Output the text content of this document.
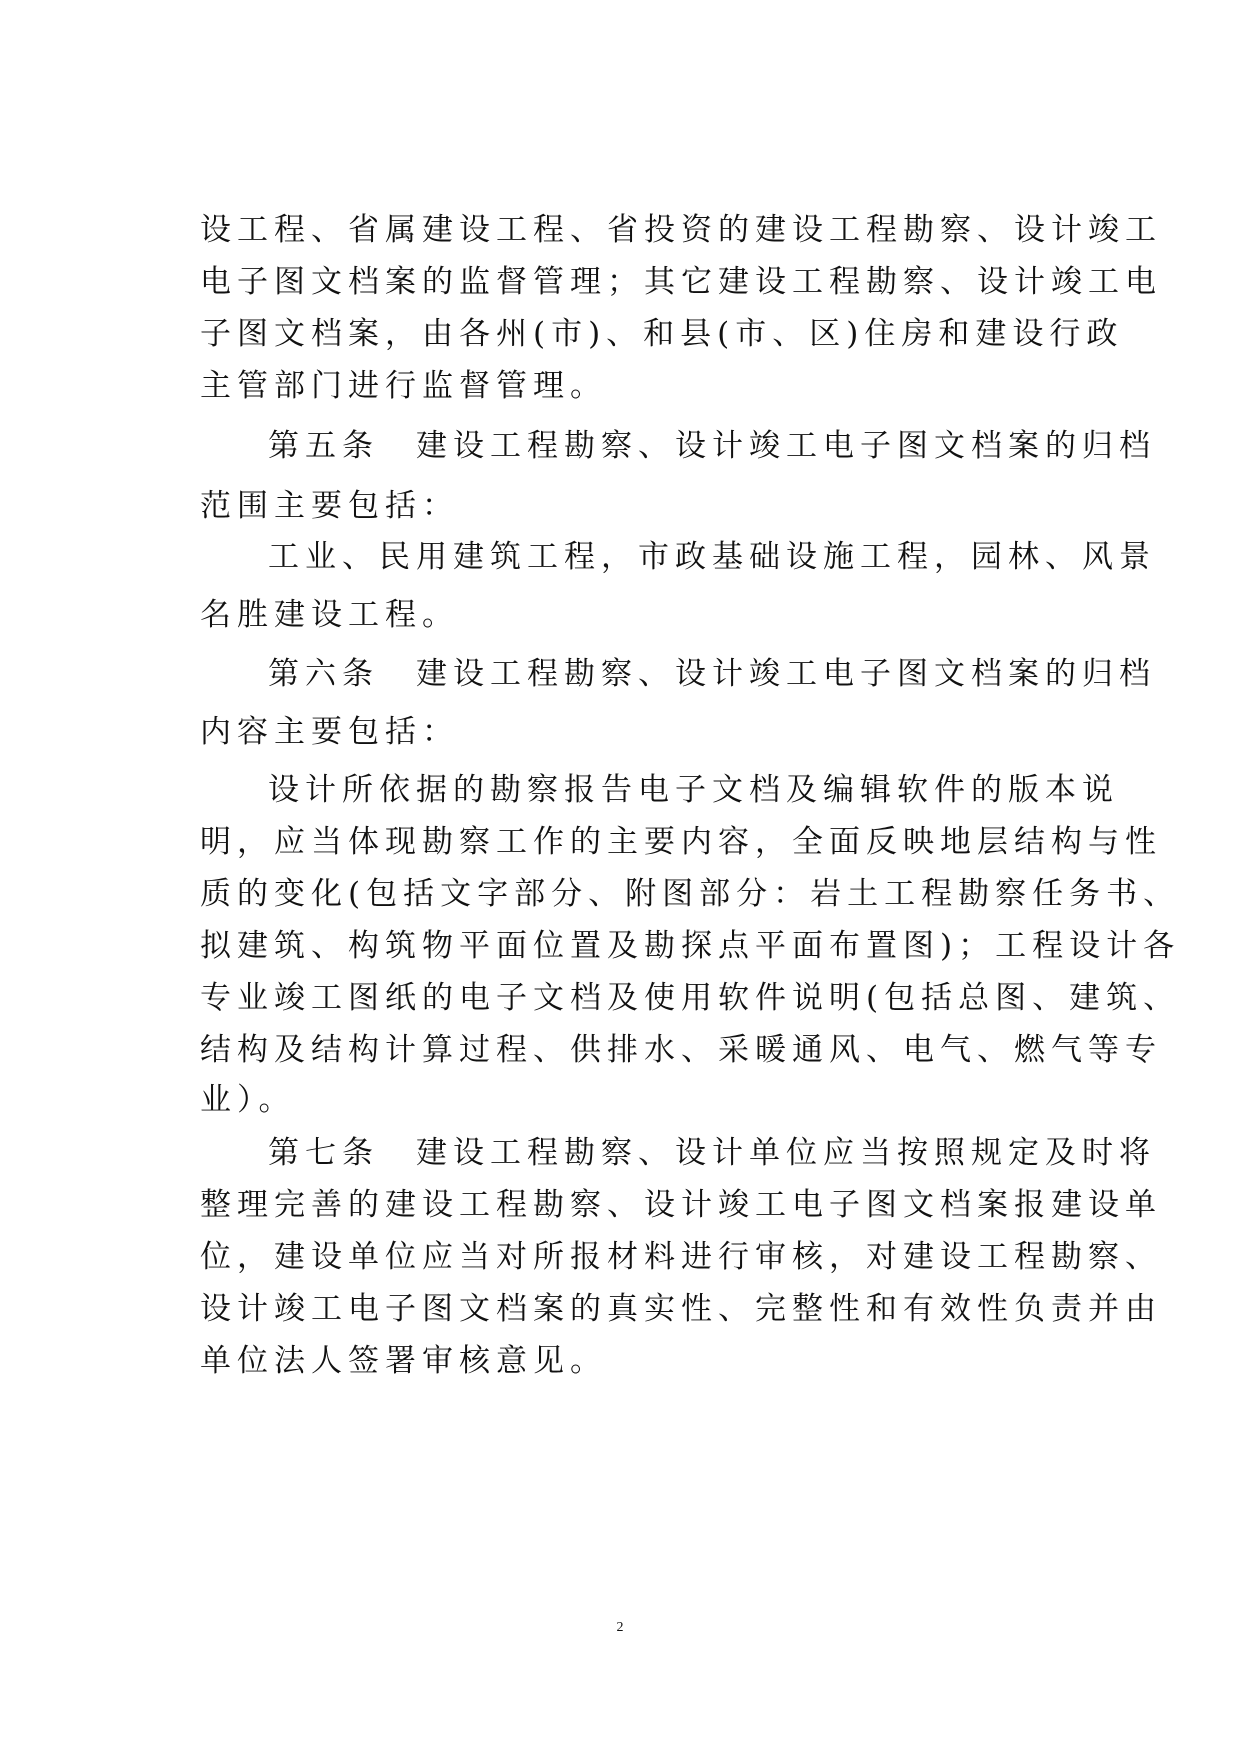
设工程、省属建设工程、省投资的建设工程勘察、设计竣工
电子图文档案的监督管理；其它建设工程勘察、设计竣工电
子图文档案，由各州(市)、和县(市、区)住房和建设行政
主管部门进行监督管理。
第五条　建设工程勘察、设计竣工电子图文档案的归档
范围主要包括：
工业、民用建筑工程，市政基础设施工程，园林、风景
名胜建设工程。
第六条　建设工程勘察、设计竣工电子图文档案的归档
内容主要包括：
设计所依据的勘察报告电子文档及编辑软件的版本说
明，应当体现勘察工作的主要内容，全面反映地层结构与性
质的变化(包括文字部分、附图部分：岩土工程勘察任务书、
拟建筑、构筑物平面位置及勘探点平面布置图)；工程设计各
专业竣工图纸的电子文档及使用软件说明(包括总图、建筑、
结构及结构计算过程、供排水、采暖通风、电气、燃气等专
业）。
第七条　建设工程勘察、设计单位应当按照规定及时将
整理完善的建设工程勘察、设计竣工电子图文档案报建设单
位，建设单位应当对所报材料进行审核，对建设工程勘察、
设计竣工电子图文档案的真实性、完整性和有效性负责并由
单位法人签署审核意见。
2
